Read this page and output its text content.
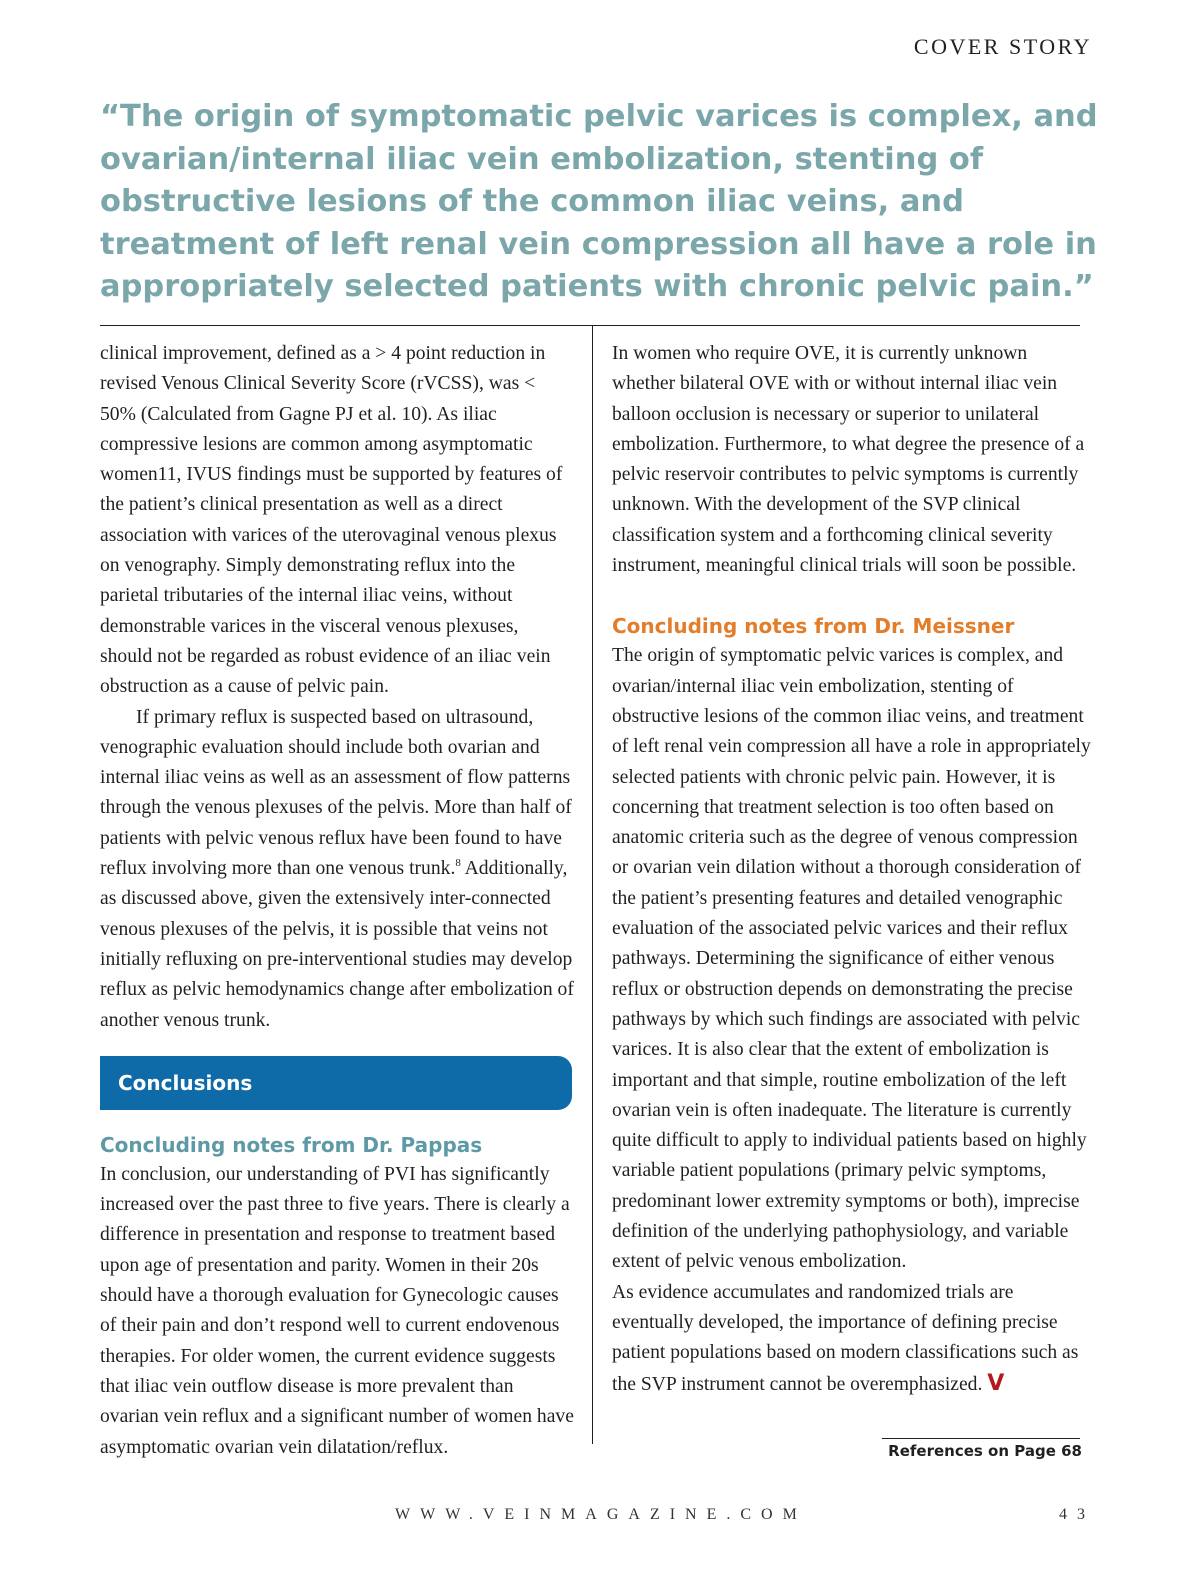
COVER STORY

“The origin of symptomatic pelvic varices is complex, and ovarian/internal iliac vein embolization, stenting of obstructive lesions of the common iliac veins, and treatment of left renal vein compression all have a role in appropriately selected patients with chronic pelvic pain.”

clinical improvement, defined as a > 4 point reduction in revised Venous Clinical Severity Score (rVCSS), was < 50% (Calculated from Gagne PJ et al. 10). As iliac compressive lesions are common among asymptomatic women11, IVUS findings must be supported by features of the patient’s clinical presentation as well as a direct association with varices of the uterovaginal venous plexus on venography. Simply demonstrating reflux into the parietal tributaries of the internal iliac veins, without demonstrable varices in the visceral venous plexuses, should not be regarded as robust evidence of an iliac vein obstruction as a cause of pelvic pain.

If primary reflux is suspected based on ultrasound, venographic evaluation should include both ovarian and internal iliac veins as well as an assessment of flow patterns through the venous plexuses of the pelvis. More than half of patients with pelvic venous reflux have been found to have reflux involving more than one venous trunk.$^8$ Additionally, as discussed above, given the extensively inter-connected venous plexuses of the pelvis, it is possible that veins not initially refluxing on pre-interventional studies may develop reflux as pelvic hemodynamics change after embolization of another venous trunk.

Conclusions
Concluding notes from Dr. Pappas

In conclusion, our understanding of PVI has significantly increased over the past three to five years. There is clearly a difference in presentation and response to treatment based upon age of presentation and parity. Women in their 20s should have a thorough evaluation for Gynecologic causes of their pain and don’t respond well to current endovenous therapies. For older women, the current evidence suggests that iliac vein outflow disease is more prevalent than ovarian vein reflux and a significant number of women have asymptomatic ovarian vein dilatation/reflux.

In women who require OVE, it is currently unknown whether bilateral OVE with or without internal iliac vein balloon occlusion is necessary or superior to unilateral embolization. Furthermore, to what degree the presence of a pelvic reservoir contributes to pelvic symptoms is currently unknown. With the development of the SVP clinical classification system and a forthcoming clinical severity instrument, meaningful clinical trials will soon be possible.

Concluding notes from Dr. Meissner

The origin of symptomatic pelvic varices is complex, and ovarian/internal iliac vein embolization, stenting of obstructive lesions of the common iliac veins, and treatment of left renal vein compression all have a role in appropriately selected patients with chronic pelvic pain. However, it is concerning that treatment selection is too often based on anatomic criteria such as the degree of venous compression or ovarian vein dilation without a thorough consideration of the patient’s presenting features and detailed venographic evaluation of the associated pelvic varices and their reflux pathways. Determining the significance of either venous reflux or obstruction depends on demonstrating the precise pathways by which such findings are associated with pelvic varices. It is also clear that the extent of embolization is important and that simple, routine embolization of the left ovarian vein is often inadequate. The literature is currently quite difficult to apply to individual patients based on highly variable patient populations (primary pelvic symptoms, predominant lower extremity symptoms or both), imprecise definition of the underlying pathophysiology, and variable extent of pelvic venous embolization.

As evidence accumulates and randomized trials are eventually developed, the importance of defining precise patient populations based on modern classifications such as the SVP instrument cannot be overemphasized. V

References on Page 68
WWW.VEINMAGAZINE.COM	43
